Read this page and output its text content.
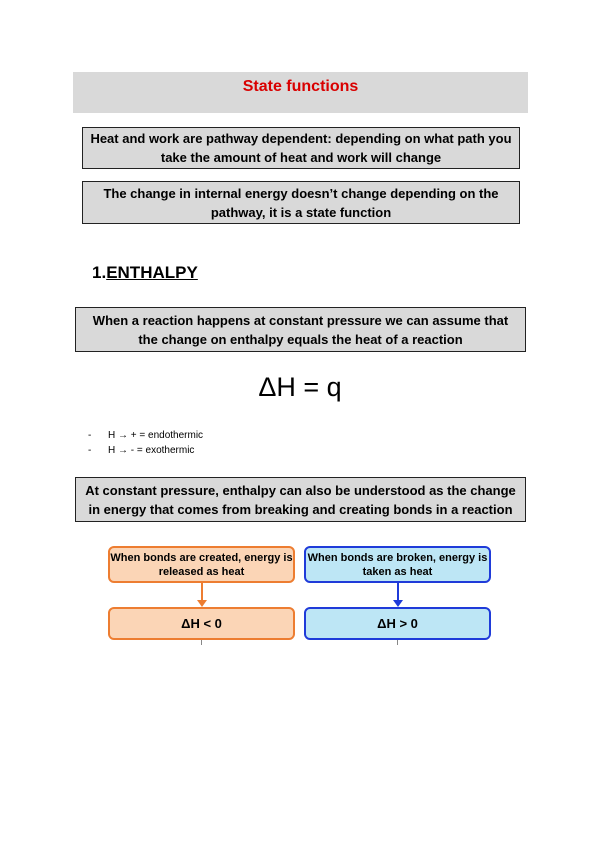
State functions
Heat and work are pathway dependent: depending on what path you take the amount of heat and work will change
The change in internal energy doesn’t change depending on the pathway, it is a state function
1.ENTHALPY
When a reaction happens at constant pressure we can assume that the change on enthalpy equals the heat of a reaction
ΔH = q
-	H → + = endothermic
-	H → - = exothermic
At constant pressure, enthalpy can also be understood as the change in energy that comes from breaking and creating bonds in a reaction
When bonds are created, energy is released as heat
When bonds are broken, energy is taken as heat
ΔH < 0	ΔH > 0
